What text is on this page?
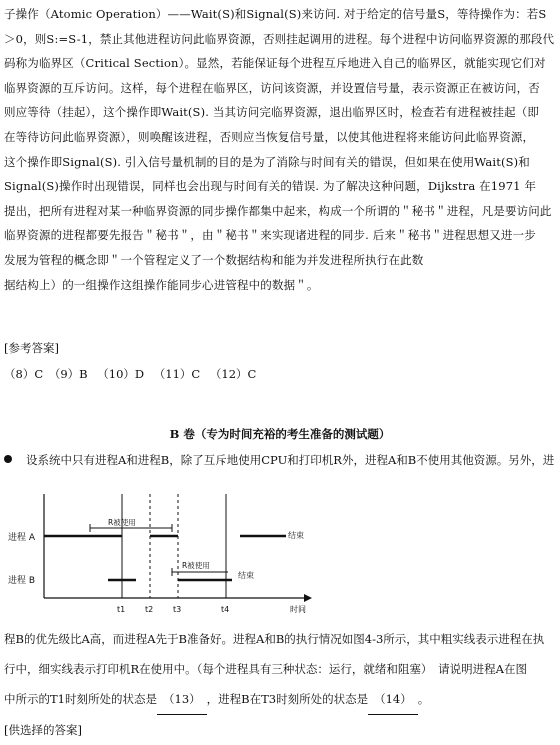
子操作（Atomic Operation）——Wait(S)和Signal(S)来访问. 对于给定的信号量S，等待操作为：若S
＞0，则S:=S-1，禁止其他进程访问此临界资源，否则挂起调用的进程。每个进程中访问临界资源的那段代
码称为临界区（Critical Section）。显然，若能保证每个进程互斥地进入自己的临界区，就能实现它们对
临界资源的互斥访问。这样，每个进程在临界区，访问该资源，并设置信号量，表示资源正在被访问，否
则应等待（挂起），这个操作即Wait(S). 当其访问完临界资源，退出临界区时，检查若有进程被挂起（即
在等待访问此临界资源），则唤醒该进程，否则应当恢复信号量，以使其他进程将来能访问此临界资源，
这个操作即Signal(S). 引入信号量机制的目的是为了消除与时间有关的错误，但如果在使用Wait(S)和
Signal(S)操作时出现错误，同样也会出现与时间有关的错误. 为了解决这种问题，Dijkstra 在1971 年
提出，把所有进程对某一种临界资源的同步操作都集中起来，构成一个所谓的＂秘书＂进程，凡是要访问此
临界资源的进程都要先报告＂秘书＂，由＂秘书＂来实现诸进程的同步. 后来＂秘书＂进程思想又进一步
发展为管程的概念即＂一个管程定义了一个数据结构和能为并发进程所执行在此数
据结构上）的一组操作这组操作能同步心进管程中的数据＂。
[参考答案]
（8）C　（9）B （10）D （11）C （12）C
B 卷（专为时间充裕的考生准备的测试题）
设系统中只有进程A和进程B，除了互斥地使用CPU和打印机R外，进程A和B不使用其他资源。另外，进
进程 A
R被使用
结束
进程 B
R被使用
结束
t1 t2 t3	t4	时间
程B的优先级比A高，而进程A先于B准备好。进程A和B的执行情况如图4-3所示，其中粗实线表示进程在执
行中，细实线表示打印机R在使用中。（每个进程具有三种状态：运行，就绪和阻塞）　请说明进程A在图
中所示的T1时刻所处的状态是 （13） ，进程B在T3时刻所处的状态是 （14） 。
[供选择的答案]
